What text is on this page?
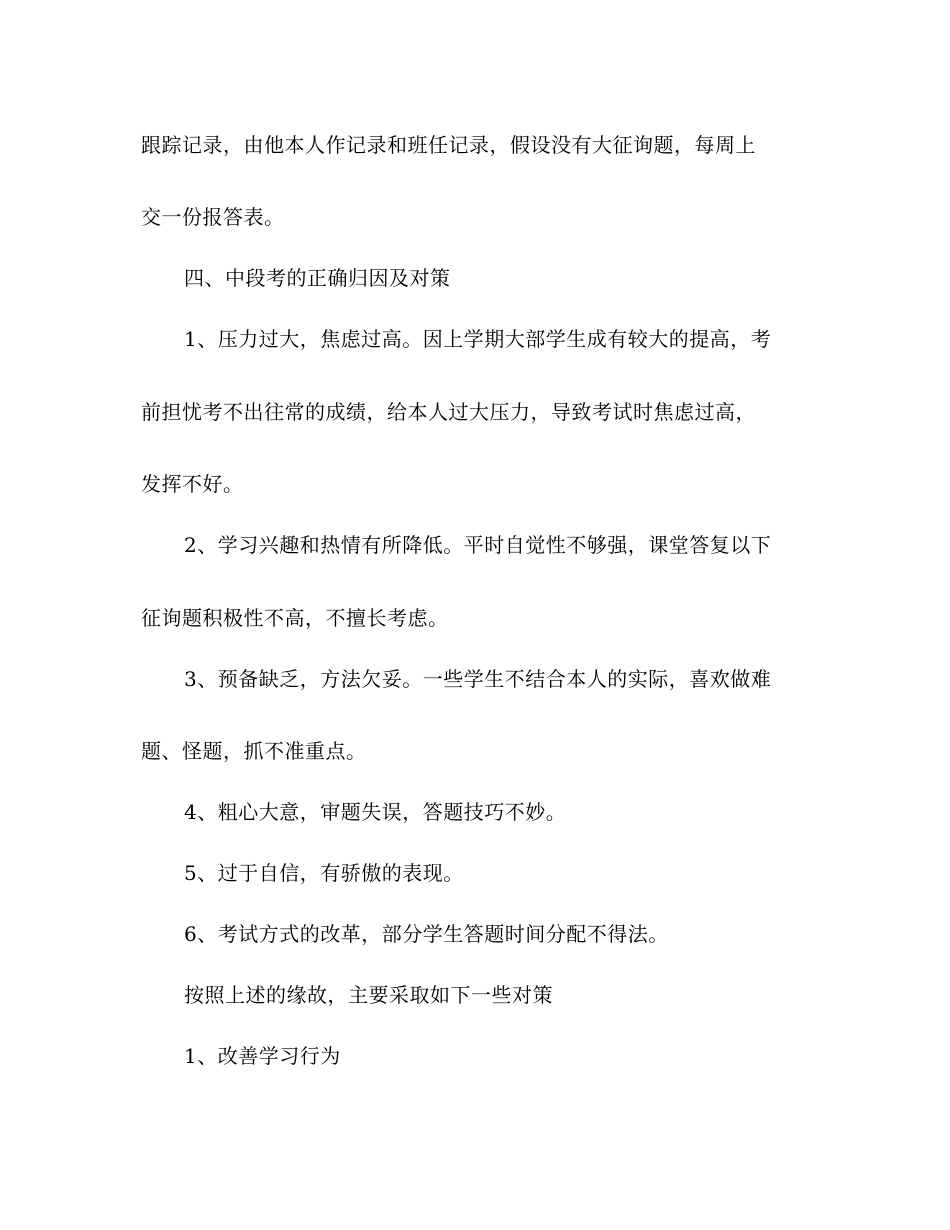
跟踪记录，由他本人作记录和班任记录，假设没有大征询题，每周上
交一份报答表。
四、中段考的正确归因及对策
1、压力过大，焦虑过高。因上学期大部学生成有较大的提高，考
前担忧考不出往常的成绩，给本人过大压力，导致考试时焦虑过高，
发挥不好。
2、学习兴趣和热情有所降低。平时自觉性不够强，课堂答复以下
征询题积极性不高，不擅长考虑。
3、预备缺乏，方法欠妥。一些学生不结合本人的实际，喜欢做难
题、怪题，抓不准重点。
4、粗心大意，审题失误，答题技巧不妙。
5、过于自信，有骄傲的表现。
6、考试方式的改革，部分学生答题时间分配不得法。
按照上述的缘故，主要采取如下一些对策
1、改善学习行为
